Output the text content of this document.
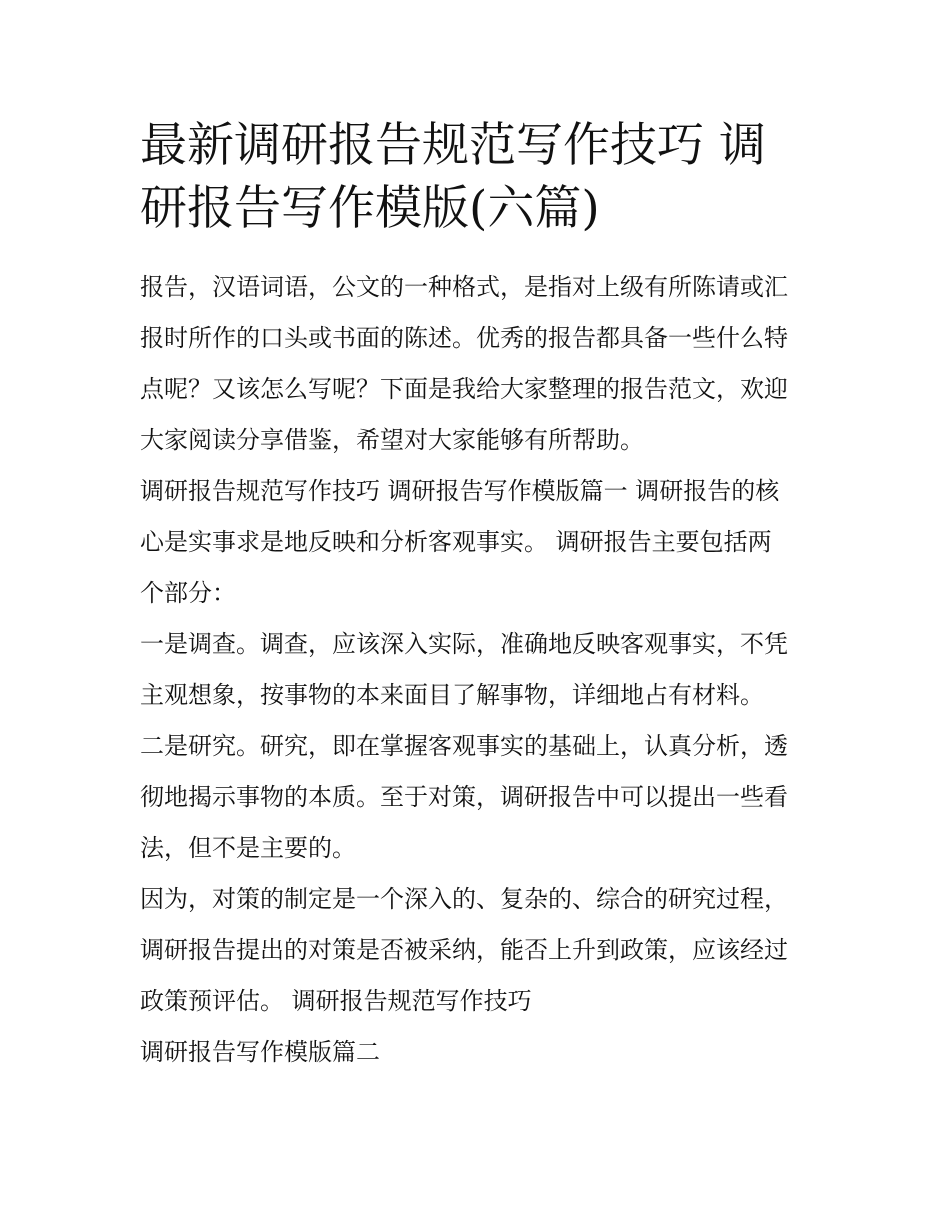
最新调研报告规范写作技巧 调
研报告写作模版(六篇)
报告，汉语词语，公文的一种格式，是指对上级有所陈请或汇
报时所作的口头或书面的陈述。优秀的报告都具备一些什么特
点呢？又该怎么写呢？下面是我给大家整理的报告范文，欢迎
大家阅读分享借鉴，希望对大家能够有所帮助。
调研报告规范写作技巧 调研报告写作模版篇一 调研报告的核
心是实事求是地反映和分析客观事实。 调研报告主要包括两
个部分：
一是调查。调查，应该深入实际，准确地反映客观事实，不凭
主观想象，按事物的本来面目了解事物，详细地占有材料。
二是研究。研究，即在掌握客观事实的基础上，认真分析，透
彻地揭示事物的本质。至于对策，调研报告中可以提出一些看
法，但不是主要的。
因为，对策的制定是一个深入的、复杂的、综合的研究过程，
调研报告提出的对策是否被采纳，能否上升到政策，应该经过
政策预评估。 调研报告规范写作技巧
调研报告写作模版篇二
